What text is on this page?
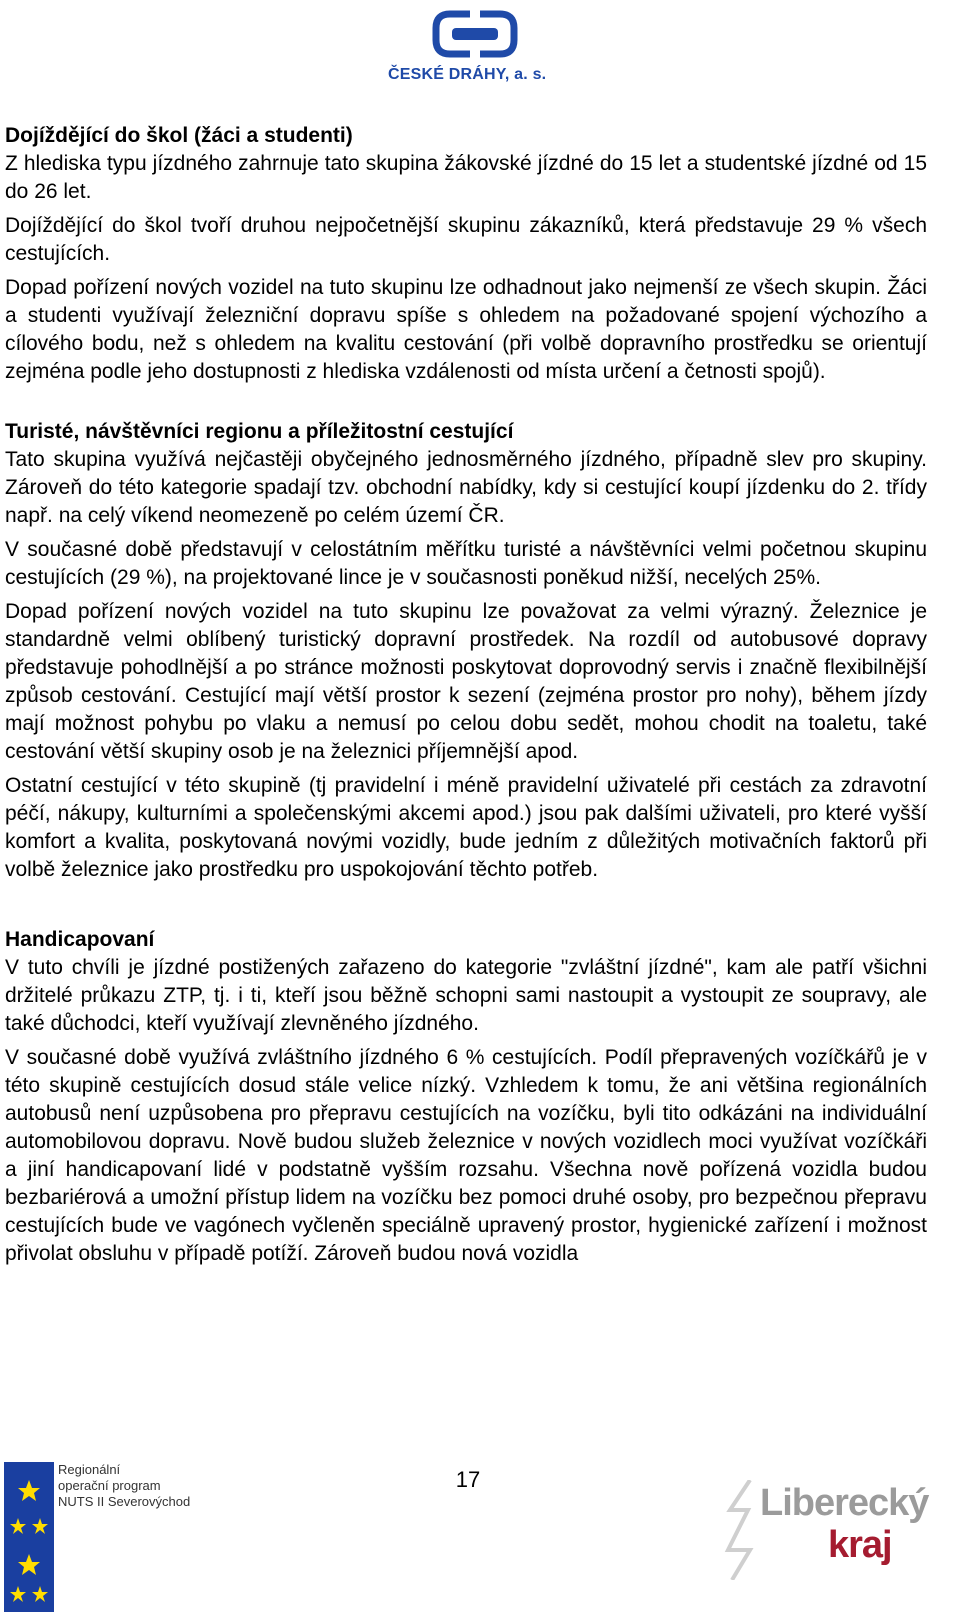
ČESKÉ DRÁHY, a. s.
Dojíždějící do škol (žáci a studenti)

Z hlediska typu jízdného zahrnuje tato skupina žákovské jízdné do 15 let a studentské jízdné od 15 do 26 let.

Dojíždějící do škol tvoří druhou nejpočetnější skupinu zákazníků, která představuje 29 % všech cestujících.

Dopad pořízení nových vozidel na tuto skupinu lze odhadnout jako nejmenší ze všech skupin. Žáci a studenti využívají železniční dopravu spíše s ohledem na požadované spojení výchozího a cílového bodu, než s ohledem na kvalitu cestování (při volbě dopravního prostředku se orientují zejména podle jeho dostupnosti z hlediska vzdálenosti od místa určení a četnosti spojů).

Turisté, návštěvníci regionu a příležitostní cestující

Tato skupina využívá nejčastěji obyčejného jednosměrného jízdného, případně slev pro skupiny. Zároveň do této kategorie spadají tzv. obchodní nabídky, kdy si cestující koupí jízdenku do 2. třídy např. na celý víkend neomezeně po celém území ČR.

V současné době představují v celostátním měřítku turisté a návštěvníci velmi početnou skupinu cestujících (29 %), na projektované lince je v současnosti poněkud nižší, necelých 25%.

Dopad pořízení nových vozidel na tuto skupinu lze považovat za velmi výrazný. Železnice je standardně velmi oblíbený turistický dopravní prostředek. Na rozdíl od autobusové dopravy představuje pohodlnější a po stránce možnosti poskytovat doprovodný servis i značně flexibilnější způsob cestování. Cestující mají větší prostor k sezení (zejména prostor pro nohy), během jízdy mají možnost pohybu po vlaku a nemusí po celou dobu sedět, mohou chodit na toaletu, také cestování větší skupiny osob je na železnici příjemnější apod.

Ostatní cestující v této skupině (tj pravidelní i méně pravidelní uživatelé při cestách za zdravotní péčí, nákupy, kulturními a společenskými akcemi apod.) jsou pak dalšími uživateli, pro které vyšší komfort a kvalita, poskytovaná novými vozidly, bude jedním z důležitých motivačních faktorů při volbě železnice jako prostředku pro uspokojování těchto potřeb.

Handicapovaní

V tuto chvíli je jízdné postižených zařazeno do kategorie "zvláštní jízdné", kam ale patří všichni držitelé průkazu ZTP, tj. i ti, kteří jsou běžně schopni sami nastoupit a vystoupit ze soupravy, ale také důchodci, kteří využívají zlevněného jízdného.

V současné době využívá zvláštního jízdného 6 % cestujících. Podíl přepravených vozíčkářů je v této skupině cestujících dosud stále velice nízký. Vzhledem k tomu, že ani většina regionálních autobusů není uzpůsobena pro přepravu cestujících na vozíčku, byli tito odkázáni na individuální automobilovou dopravu. Nově budou služeb železnice v nových vozidlech moci využívat vozíčkáři a jiní handicapovaní lidé v podstatně vyšším rozsahu. Všechna nově pořízená vozidla budou bezbariérová a umožní přístup lidem na vozíčku bez pomoci druhé osoby, pro bezpečnou přepravu cestujících bude ve vagónech vyčleněn speciálně upravený prostor, hygienické zařízení i možnost přivolat obsluhu v případě potíží. Zároveň budou nová vozidla

Regionální
operační program
NUTS II Severovýchod
17
Liberecký
kraj
